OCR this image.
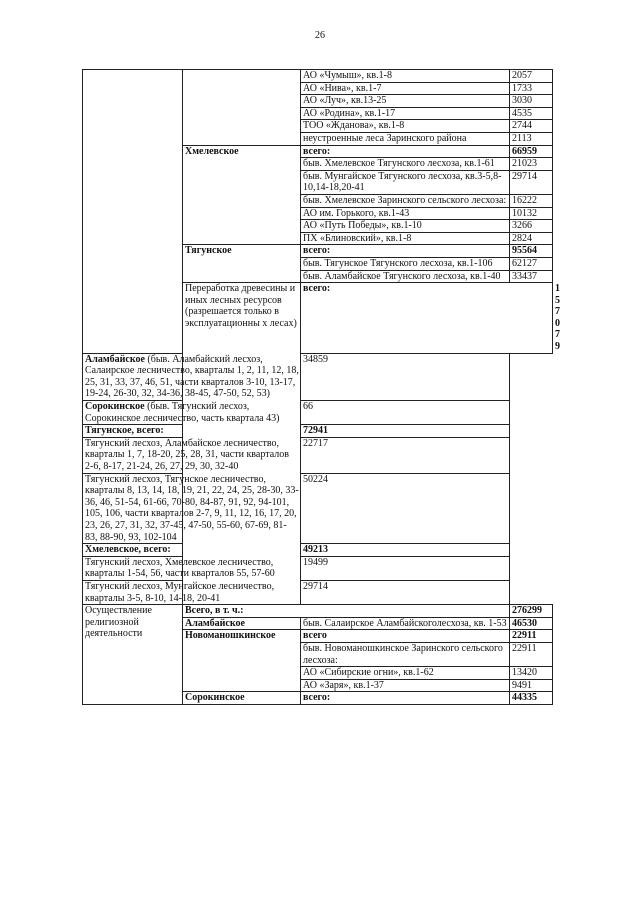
26
		АО «Чумыш», кв.1-8	2057	
		АО «Нива», кв.1-7	1733	
		АО «Луч», кв.13-25	3030	
		АО «Родина», кв.1-17	4535	
		ТОО «Жданова», кв.1-8	2744	
		неустроенные леса Заринского района	2113	
	Хмелевское	всего:	66959	
		быв. Хмелевское Тягунского лесхоза, кв.1-61	21023	
		быв. Мунгайское Тягунского лесхоза, кв.3-5,8-10,14-18,20-41	29714	
		быв. Хмелевское Заринского сельского лесхоза:	16222	
		АО им. Горького, кв.1-43	10132	
		АО «Путь Победы», кв.1-10	3266	
		ПХ «Блиновский», кв.1-8	2824	
	Тягунское	всего:	95564	
		быв. Тягунское Тягунского лесхоза, кв.1-106	62127	
		быв. Аламбайское Тягунского лесхоза, кв.1-40	33437	
	Переработка древесины и иных лесных ресурсов (разрешается только в эксплуатационны х лесах)	всего:		157079
Аламбайское (быв. Аламбайский лесхоз, Салаирское лесничество, кварталы 1, 2, 11, 12, 18, 25, 31, 33, 37, 46, 51, части кварталов 3-10, 13-17, 19-24, 26-30, 32, 34-36, 38-45, 47-50, 52, 53)		34859		
Сорокинское (быв. Тягунский лесхоз, Сорокинское лесничество, часть квартала 43)		66		
Тягунское, всего:		72941		
Тягунский лесхоз, Аламбайское лесничество, кварталы 1, 7, 18-20, 25, 28, 31, части кварталов 2-6, 8-17, 21-24, 26, 27, 29, 30, 32-40		22717		
Тягунский лесхоз, Тягунское лесничество, кварталы 8, 13, 14, 18, 19, 21, 22, 24, 25, 28-30, 33-36, 46, 51-54, 61-66, 70-80, 84-87, 91, 92, 94-101, 105, 106, части кварталов 2-7, 9, 11, 12, 16, 17, 20, 23, 26, 27, 31, 32, 37-45, 47-50, 55-60, 67-69, 81-83, 88-90, 93, 102-104		50224		
Хмелевское, всего:		49213		
Тягунский лесхоз, Хмелевское лесничество, кварталы 1-54, 56, части кварталов 55, 57-60		19499		
Тягунский лесхоз, Мунгайское лесничество, кварталы 3-5, 8-10, 14-18, 20-41		29714		
Осуществление религиозной деятельности	Всего, в т. ч.:		276299	
	Аламбайское	быв. Салаирское Аламбайскоголесхоза, кв. 1-53	46530	
	Новоманошкинское	всего	22911	
		быв. Новоманошкинское Заринского сельского лесхоза:	22911	
		АО «Сибирские огни», кв.1-62	13420	
		АО «Заря», кв.1-37	9491	
	Сорокинское	всего:	44335	
